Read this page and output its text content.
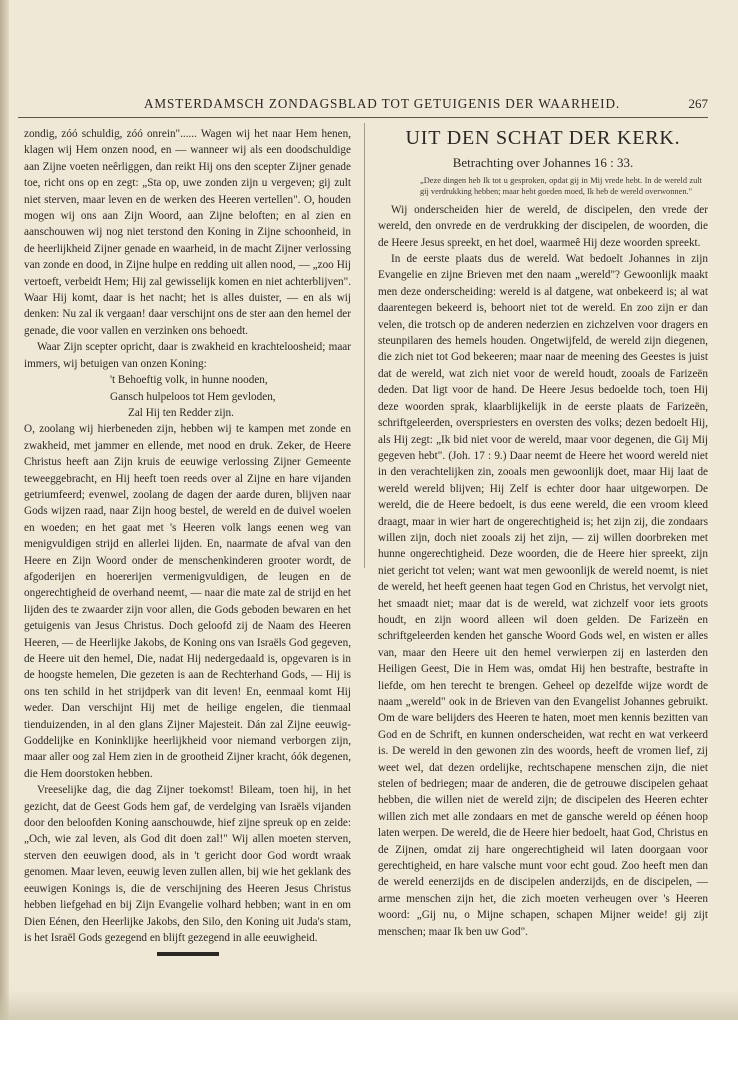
AMSTERDAMSCH ZONDAGSBLAD TOT GETUIGENIS DER WAARHEID.	267

zondig, zóó schuldig, zóó onrein"...... Wagen wij het naar Hem henen, klagen wij Hem onzen nood, en — wanneer wij als een doodschuldige aan Zijne voeten neêrliggen, dan reikt Hij ons den scepter Zijner genade toe, richt ons op en zegt: „Sta op, uwe zonden zijn u vergeven; gij zult niet sterven, maar leven en de werken des Heeren vertellen". O, houden mogen wij ons aan Zijn Woord, aan Zijne beloften; en al zien en aanschouwen wij nog niet terstond den Koning in Zijne schoonheid, in de heerlijkheid Zijner genade en waarheid, in de macht Zijner verlossing van zonde en dood, in Zijne hulpe en redding uit allen nood, — „zoo Hij vertoeft, verbeidt Hem; Hij zal gewisselijk komen en niet achterblijven". Waar Hij komt, daar is het nacht; het is alles duister, — en als wij denken: Nu zal ik vergaan! daar verschijnt ons de ster aan den hemel der genade, die voor vallen en verzinken ons behoedt.

Waar Zijn scepter opricht, daar is zwakheid en krachteloosheid; maar immers, wij betuigen van onzen Koning:

't Behoeftig volk, in hunne nooden,
Gansch hulpeloos tot Hem gevloden,
Zal Hij ten Redder zijn.

O, zoolang wij hierbeneden zijn, hebben wij te kampen met zonde en zwakheid, met jammer en ellende, met nood en druk. Zeker, de Heere Christus heeft aan Zijn kruis de eeuwige verlossing Zijner Gemeente teweeggebracht, en Hij heeft toen reeds over al Zijne en hare vijanden getriumfeerd; evenwel, zoolang de dagen der aarde duren, blijven naar Gods wijzen raad, naar Zijn hoog bestel, de wereld en de duivel woelen en woeden; en het gaat met 's Heeren volk langs eenen weg van menigvuldigen strijd en allerlei lijden. En, naarmate de afval van den Heere en Zijn Woord onder de menschenkinderen grooter wordt, de afgoderijen en hoererijen vermenigvuldigen, de leugen en de ongerechtigheid de overhand neemt, — naar die mate zal de strijd en het lijden des te zwaarder zijn voor allen, die Gods geboden bewaren en het getuigenis van Jesus Christus. Doch geloofd zij de Naam des Heeren Heeren, — de Heerlijke Jakobs, de Koning ons van Israëls God gegeven, de Heere uit den hemel, Die, nadat Hij nedergedaald is, opgevaren is in de hoogste hemelen, Die gezeten is aan de Rechterhand Gods, — Hij is ons ten schild in het strijdperk van dit leven! En, eenmaal komt Hij weder. Dan verschijnt Hij met de heilige engelen, die tienmaal tienduizenden, in al den glans Zijner Majesteit. Dán zal Zijne eeuwig-Goddelijke en Koninklijke heerlijkheid voor niemand verborgen zijn, maar aller oog zal Hem zien in de grootheid Zijner kracht, óók degenen, die Hem doorstoken hebben.

Vreeselijke dag, die dag Zijner toekomst! Bileam, toen hij, in het gezicht, dat de Geest Gods hem gaf, de verdelging van Israëls vijanden door den beloofden Koning aanschouwde, hief zijne spreuk op en zeide: „Och, wie zal leven, als God dit doen zal!" Wij allen moeten sterven, sterven den eeuwigen dood, als in 't gericht door God wordt wraak genomen. Maar leven, eeuwig leven zullen allen, bij wie het geklank des eeuwigen Konings is, die de verschijning des Heeren Jesus Christus hebben liefgehad en bij Zijn Evangelie volhard hebben; want in en om Dien Eénen, den Heerlijke Jakobs, den Silo, den Koning uit Juda's stam, is het Israël Gods gezegend en blijft gezegend in alle eeuwigheid.

UIT DEN SCHAT DER KERK.
Betrachting over Johannes 16 : 33.
„Deze dingen heb Ik tot u gesproken, opdat gij in Mij vrede hebt. In de wereld zult gij verdrukking hebben; maar hebt goeden moed, Ik heb de wereld overwonnen."

Wij onderscheiden hier de wereld, de discipelen, den vrede der wereld, den onvrede en de verdrukking der discipelen, de woorden, die de Heere Jesus spreekt, en het doel, waarmeê Hij deze woorden spreekt.

In de eerste plaats dus de wereld. Wat bedoelt Johannes in zijn Evangelie en zijne Brieven met den naam „wereld"? Gewoonlijk maakt men deze onderscheiding: wereld is al datgene, wat onbekeerd is; al wat daarentegen bekeerd is, behoort niet tot de wereld. En zoo zijn er dan velen, die trotsch op de anderen nederzien en zichzelven voor dragers en steunpilaren des hemels houden. Ongetwijfeld, de wereld zijn diegenen, die zich niet tot God bekeeren; maar naar de meening des Geestes is juist dat de wereld, wat zich niet voor de wereld houdt, zooals de Farizeën deden. Dat ligt voor de hand. De Heere Jesus bedoelde toch, toen Hij deze woorden sprak, klaarblijkelijk in de eerste plaats de Farizeën, schriftgeleerden, overspriesters en oversten des volks; dezen bedoelt Hij, als Hij zegt: „Ik bid niet voor de wereld, maar voor degenen, die Gij Mij gegeven hebt". (Joh. 17 : 9.) Daar neemt de Heere het woord wereld niet in den verachtelijken zin, zooals men gewoonlijk doet, maar Hij laat de wereld wereld blijven; Hij Zelf is echter door haar uitgeworpen. De wereld, die de Heere bedoelt, is dus eene wereld, die een vroom kleed draagt, maar in wier hart de ongerechtigheid is; het zijn zij, die zondaars willen zijn, doch niet zooals zij het zijn, — zij willen doorbreken met hunne ongerechtigheid. Deze woorden, die de Heere hier spreekt, zijn niet gericht tot velen; want wat men gewoonlijk de wereld noemt, is niet de wereld, het heeft geenen haat tegen God en Christus, het vervolgt niet, het smaadt niet; maar dat is de wereld, wat zichzelf voor iets groots houdt, en zijn woord alleen wil doen gelden. De Farizeën en schriftgeleerden kenden het gansche Woord Gods wel, en wisten er alles van, maar den Heere uit den hemel verwierpen zij en lasterden den Heiligen Geest, Die in Hem was, omdat Hij hen bestrafte, bestrafte in liefde, om hen terecht te brengen. Geheel op dezelfde wijze wordt de naam „wereld" ook in de Brieven van den Evangelist Johannes gebruikt. Om de ware belijders des Heeren te haten, moet men kennis bezitten van God en de Schrift, en kunnen onderscheiden, wat recht en wat verkeerd is. De wereld in den gewonen zin des woords, heeft de vromen lief, zij weet wel, dat dezen ordelijke, rechtschapene menschen zijn, die niet stelen of bedriegen; maar de anderen, die de getrouwe discipelen gehaat hebben, die willen niet de wereld zijn; de discipelen des Heeren echter willen zich met alle zondaars en met de gansche wereld op éénen hoop laten werpen. De wereld, die de Heere hier bedoelt, haat God, Christus en de Zijnen, omdat zij hare ongerechtigheid wil laten doorgaan voor gerechtigheid, en hare valsche munt voor echt goud. Zoo heeft men dan de wereld eenerzijds en de discipelen anderzijds, en de discipelen, — arme menschen zijn het, die zich moeten verheugen over 's Heeren woord: „Gij nu, o Mijne schapen, schapen Mijner weide! gij zijt menschen; maar Ik ben uw God".
